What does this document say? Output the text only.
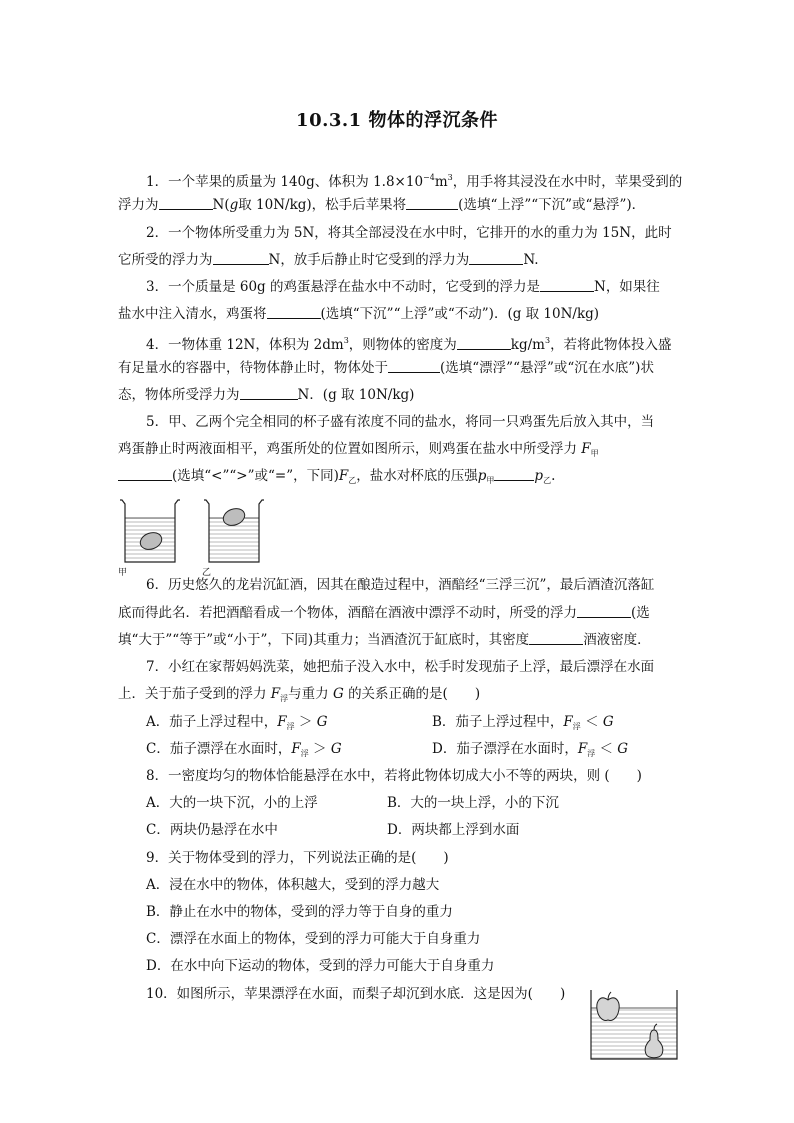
10.3.1 物体的浮沉条件
1．一个苹果的质量为 140g、体积为 $1.8\times 10^{-4}m^3$，用手将其浸没在水中时，苹果受到的
浮力为	N(g取 10N/kg)，松手后苹果将	(选填“上浮”“下沉”或“悬浮”)．
2．一个物体所受重力为 5N，将其全部浸没在水中时，它排开的水的重力为 15N，此时
它所受的浮力为	N，放手后静止时它受到的浮力为	N.
3．一个质量是 60g 的鸡蛋悬浮在盐水中不动时，它受到的浮力是	N，如果往
盐水中注入清水，鸡蛋将	(选填“下沉”“上浮”或“不动”)．(g 取 10N/kg)
4．一物体重 12N，体积为 $2dm^3$，则物体的密度为	$kg/m^3$，若将此物体投入盛
有足量水的容器中，待物体静止时，物体处于	(选填“漂浮”“悬浮”或“沉在水底”)状
态，物体所受浮力为	N．(g 取 10N/kg)
5．甲、乙两个完全相同的杯子盛有浓度不同的盐水，将同一只鸡蛋先后放入其中，当
鸡蛋静止时两液面相平，鸡蛋所处的位置如图所示，则鸡蛋在盐水中所受浮力 $F_甲$
(选填“<”“>”或“=”，下同)$F_乙$，盐水对杯底的压强$p_甲$	$p_乙$.
甲	乙
6．历史悠久的龙岩沉缸酒，因其在酿造过程中，酒醅经“三浮三沉”，最后酒渣沉落缸
底而得此名．若把酒醅看成一个物体，酒醅在酒液中漂浮不动时，所受的浮力	(选
填“大于”“等于”或“小于”，下同)其重力；当酒渣沉于缸底时，其密度	酒液密度．
7．小红在家帮妈妈洗菜，她把茄子没入水中，松手时发现茄子上浮，最后漂浮在水面
上．关于茄子受到的浮力 $F_浮$与重力 G 的关系正确的是(　　)
A．茄子上浮过程中，$F_浮 > G$	B．茄子上浮过程中，$F_浮 < G$
C．茄子漂浮在水面时，$F_浮 > G$	D．茄子漂浮在水面时，$F_浮 < G$
8．一密度均匀的物体恰能悬浮在水中，若将此物体切成大小不等的两块，则 (　　)
A．大的一块下沉，小的上浮	B．大的一块上浮，小的下沉
C．两块仍悬浮在水中	D．两块都上浮到水面
9．关于物体受到的浮力，下列说法正确的是(　　)
A．浸在水中的物体，体积越大，受到的浮力越大
B．静止在水中的物体，受到的浮力等于自身的重力
C．漂浮在水面上的物体，受到的浮力可能大于自身重力
D．在水中向下运动的物体，受到的浮力可能大于自身重力
10．如图所示，苹果漂浮在水面，而梨子却沉到水底．这是因为(　　)
